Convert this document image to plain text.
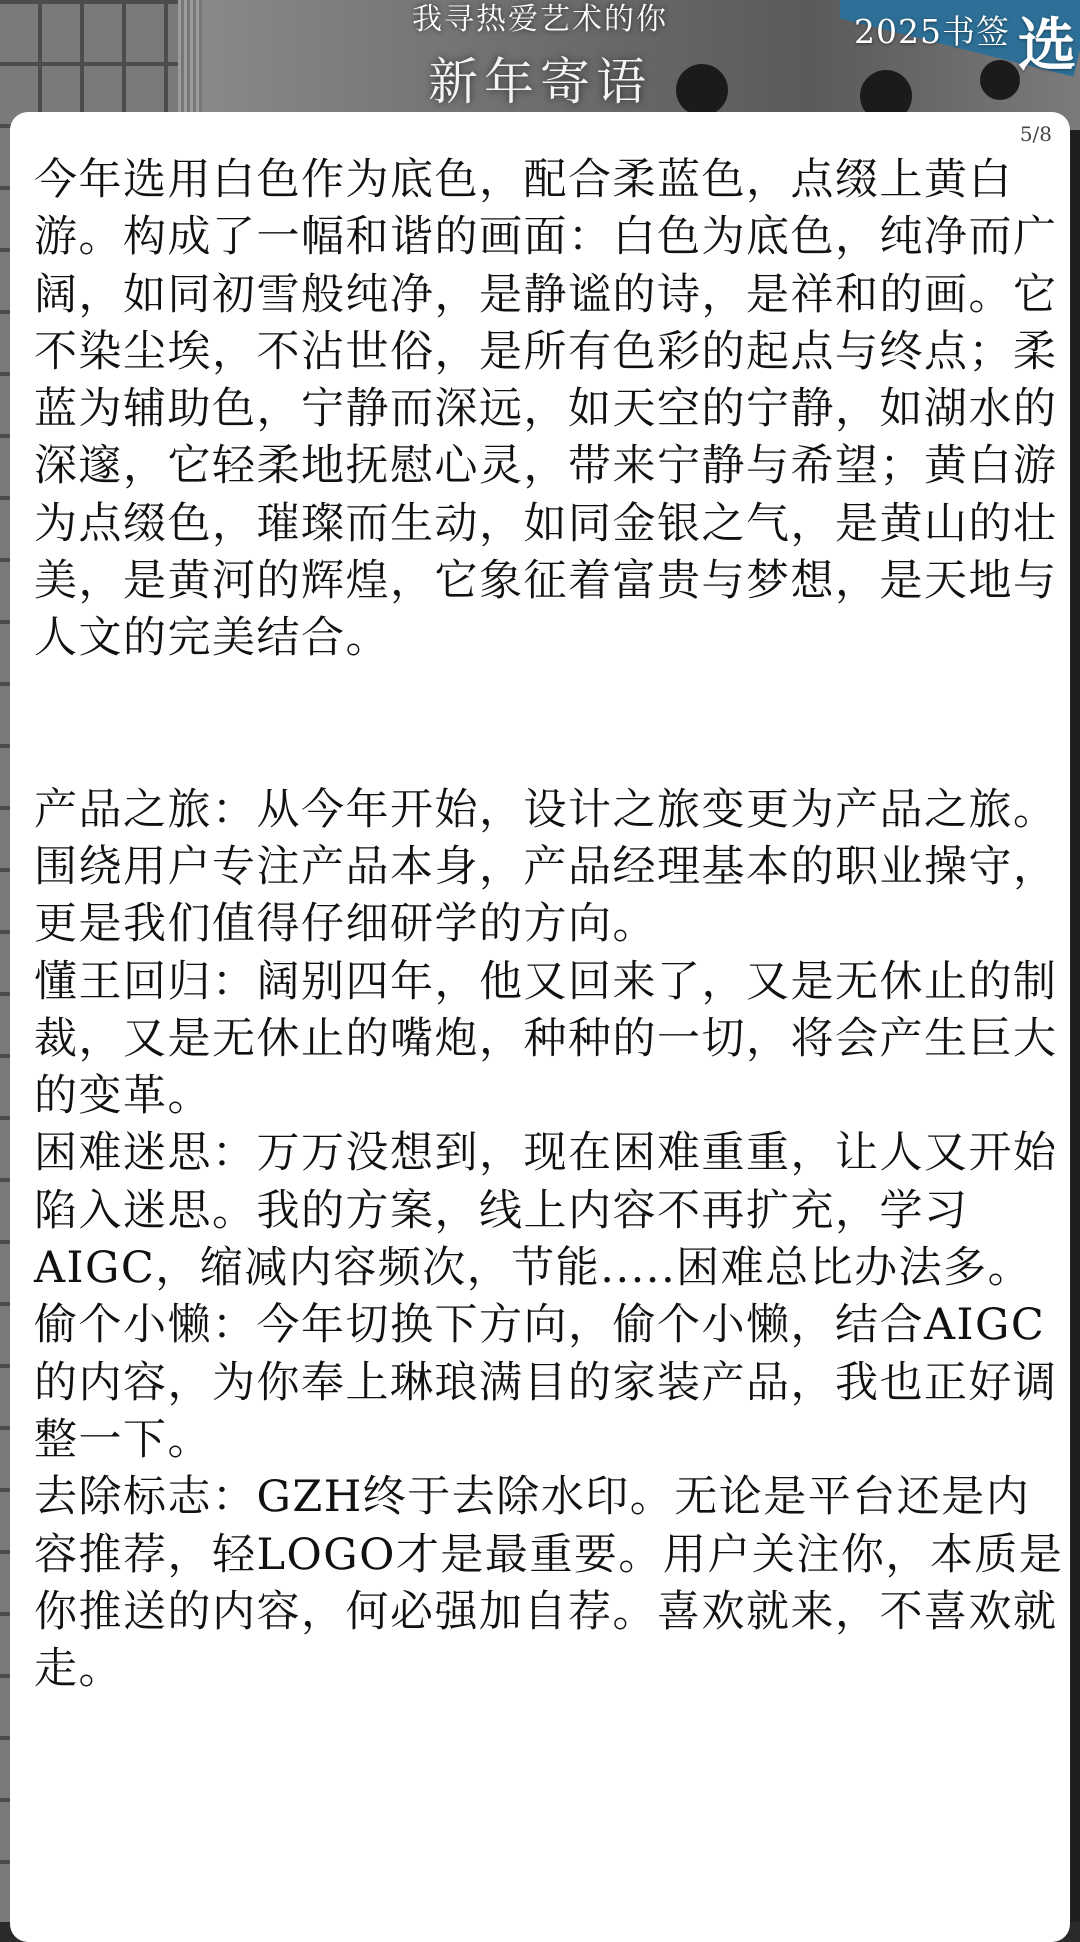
我寻热爱艺术的你
新年寄语
2025书签 选
5/8

今年选用白色作为底色，配合柔蓝色，点缀上黄白游。构成了一幅和谐的画面：白色为底色，纯净而广阔，如同初雪般纯净，是静谧的诗，是祥和的画。它不染尘埃，不沾世俗，是所有色彩的起点与终点；柔蓝为辅助色，宁静而深远，如天空的宁静，如湖水的深邃，它轻柔地抚慰心灵，带来宁静与希望；黄白游为点缀色，璀璨而生动，如同金银之气，是黄山的壮美，是黄河的辉煌，它象征着富贵与梦想，是天地与人文的完美结合。

产品之旅：从今年开始，设计之旅变更为产品之旅。围绕用户专注产品本身，产品经理基本的职业操守，更是我们值得仔细研学的方向。

懂王回归：阔别四年，他又回来了，又是无休止的制裁，又是无休止的嘴炮，种种的一切，将会产生巨大的变革。

困难迷思：万万没想到，现在困难重重，让人又开始陷入迷思。我的方案，线上内容不再扩充，学习AIGC，缩减内容频次，节能.....困难总比办法多。

偷个小懒：今年切换下方向，偷个小懒，结合AIGC的内容，为你奉上琳琅满目的家装产品，我也正好调整一下。

去除标志：GZH终于去除水印。无论是平台还是内容推荐，轻LOGO才是最重要。用户关注你，本质是你推送的内容，何必强加自荐。喜欢就来，不喜欢就走。
